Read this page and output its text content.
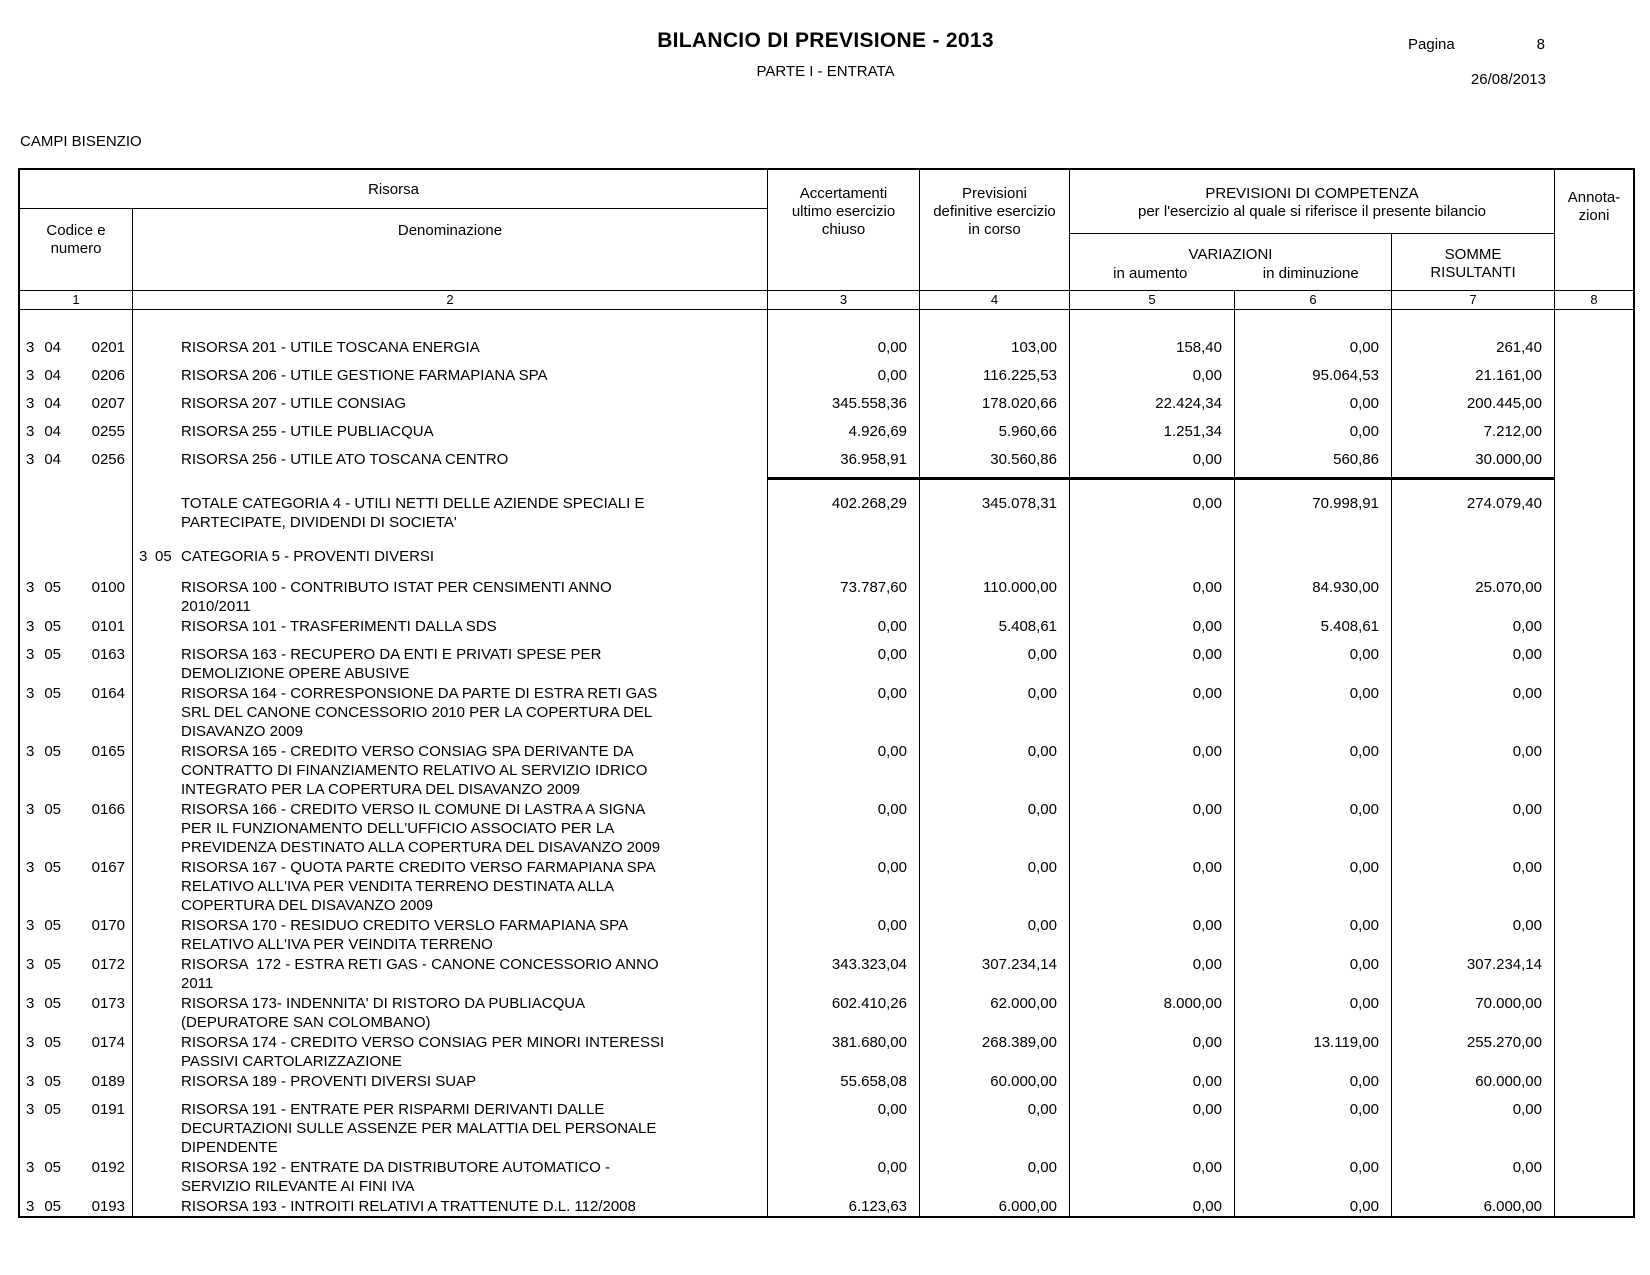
BILANCIO DI PREVISIONE - 2013
PARTE I - ENTRATA
Pagina	8
26/08/2013
CAMPI BISENZIO
Risorsa
Codice e
numero
Denominazione
Accertamenti
ultimo esercizio
chiuso
Previsioni
definitive esercizio
in corso
PREVISIONI DI COMPETENZA
per l'esercizio al quale si riferisce il presente bilancio
VARIAZIONI
in aumento	in diminuzione
SOMME
RISULTANTI
Annota-
zioni
1	2	3	4	5	6	7	8
3 04 0201	RISORSA 201 - UTILE TOSCANA ENERGIA	0,00	103,00	158,40	0,00	261,40
3 04 0206	RISORSA 206 - UTILE GESTIONE FARMAPIANA SPA	0,00	116.225,53	0,00	95.064,53	21.161,00
3 04 0207	RISORSA 207 - UTILE CONSIAG	345.558,36	178.020,66	22.424,34	0,00	200.445,00
3 04 0255	RISORSA 255 - UTILE PUBLIACQUA	4.926,69	5.960,66	1.251,34	0,00	7.212,00
3 04 0256	RISORSA 256 - UTILE ATO TOSCANA CENTRO	36.958,91	30.560,86	0,00	560,86	30.000,00
TOTALE CATEGORIA 4 - UTILI NETTI DELLE AZIENDE SPECIALI E
PARTECIPATE, DIVIDENDI DI SOCIETA'
402.268,29	345.078,31	0,00	70.998,91	274.079,40
3 05 CATEGORIA 5 - PROVENTI DIVERSI
3 05 0100	RISORSA 100 - CONTRIBUTO ISTAT PER CENSIMENTI ANNO
2010/2011
73.787,60	110.000,00	0,00	84.930,00	25.070,00
3 05 0101	RISORSA 101 - TRASFERIMENTI DALLA SDS	0,00	5.408,61	0,00	5.408,61	0,00
3 05 0163	RISORSA 163 - RECUPERO DA ENTI E PRIVATI SPESE PER
DEMOLIZIONE OPERE ABUSIVE
0,00	0,00	0,00	0,00	0,00
3 05 0164	RISORSA 164 - CORRESPONSIONE DA PARTE DI ESTRA RETI GAS
SRL DEL CANONE CONCESSORIO 2010 PER LA COPERTURA DEL
DISAVANZO 2009
0,00	0,00	0,00	0,00	0,00
3 05 0165	RISORSA 165 - CREDITO VERSO CONSIAG SPA DERIVANTE DA
CONTRATTO DI FINANZIAMENTO RELATIVO AL SERVIZIO IDRICO
INTEGRATO PER LA COPERTURA DEL DISAVANZO 2009
0,00	0,00	0,00	0,00	0,00
3 05 0166	RISORSA 166 - CREDITO VERSO IL COMUNE DI LASTRA A SIGNA
PER IL FUNZIONAMENTO DELL'UFFICIO ASSOCIATO PER LA
PREVIDENZA DESTINATO ALLA COPERTURA DEL DISAVANZO 2009
0,00	0,00	0,00	0,00	0,00
3 05 0167	RISORSA 167 - QUOTA PARTE CREDITO VERSO FARMAPIANA SPA
RELATIVO ALL'IVA PER VENDITA TERRENO DESTINATA ALLA
COPERTURA DEL DISAVANZO 2009
0,00	0,00	0,00	0,00	0,00
3 05 0170	RISORSA 170 - RESIDUO CREDITO VERSLO FARMAPIANA SPA
RELATIVO ALL'IVA PER VEINDITA TERRENO
0,00	0,00	0,00	0,00	0,00
3 05 0172	RISORSA  172 - ESTRA RETI GAS - CANONE CONCESSORIO ANNO
2011
343.323,04	307.234,14	0,00	0,00	307.234,14
3 05 0173	RISORSA 173- INDENNITA' DI RISTORO DA PUBLIACQUA
(DEPURATORE SAN COLOMBANO)
602.410,26	62.000,00	8.000,00	0,00	70.000,00
3 05 0174	RISORSA 174 - CREDITO VERSO CONSIAG PER MINORI INTERESSI
PASSIVI CARTOLARIZZAZIONE
381.680,00	268.389,00	0,00	13.119,00	255.270,00
3 05 0189	RISORSA 189 - PROVENTI DIVERSI SUAP	55.658,08	60.000,00	0,00	0,00	60.000,00
3 05 0191	RISORSA 191 - ENTRATE PER RISPARMI DERIVANTI DALLE
DECURTAZIONI SULLE ASSENZE PER MALATTIA DEL PERSONALE
DIPENDENTE
0,00	0,00	0,00	0,00	0,00
3 05 0192	RISORSA 192 - ENTRATE DA DISTRIBUTORE AUTOMATICO -
SERVIZIO RILEVANTE AI FINI IVA
0,00	0,00	0,00	0,00	0,00
3 05 0193	RISORSA 193 - INTROITI RELATIVI A TRATTENUTE D.L. 112/2008	6.123,63	6.000,00	0,00	0,00	6.000,00
